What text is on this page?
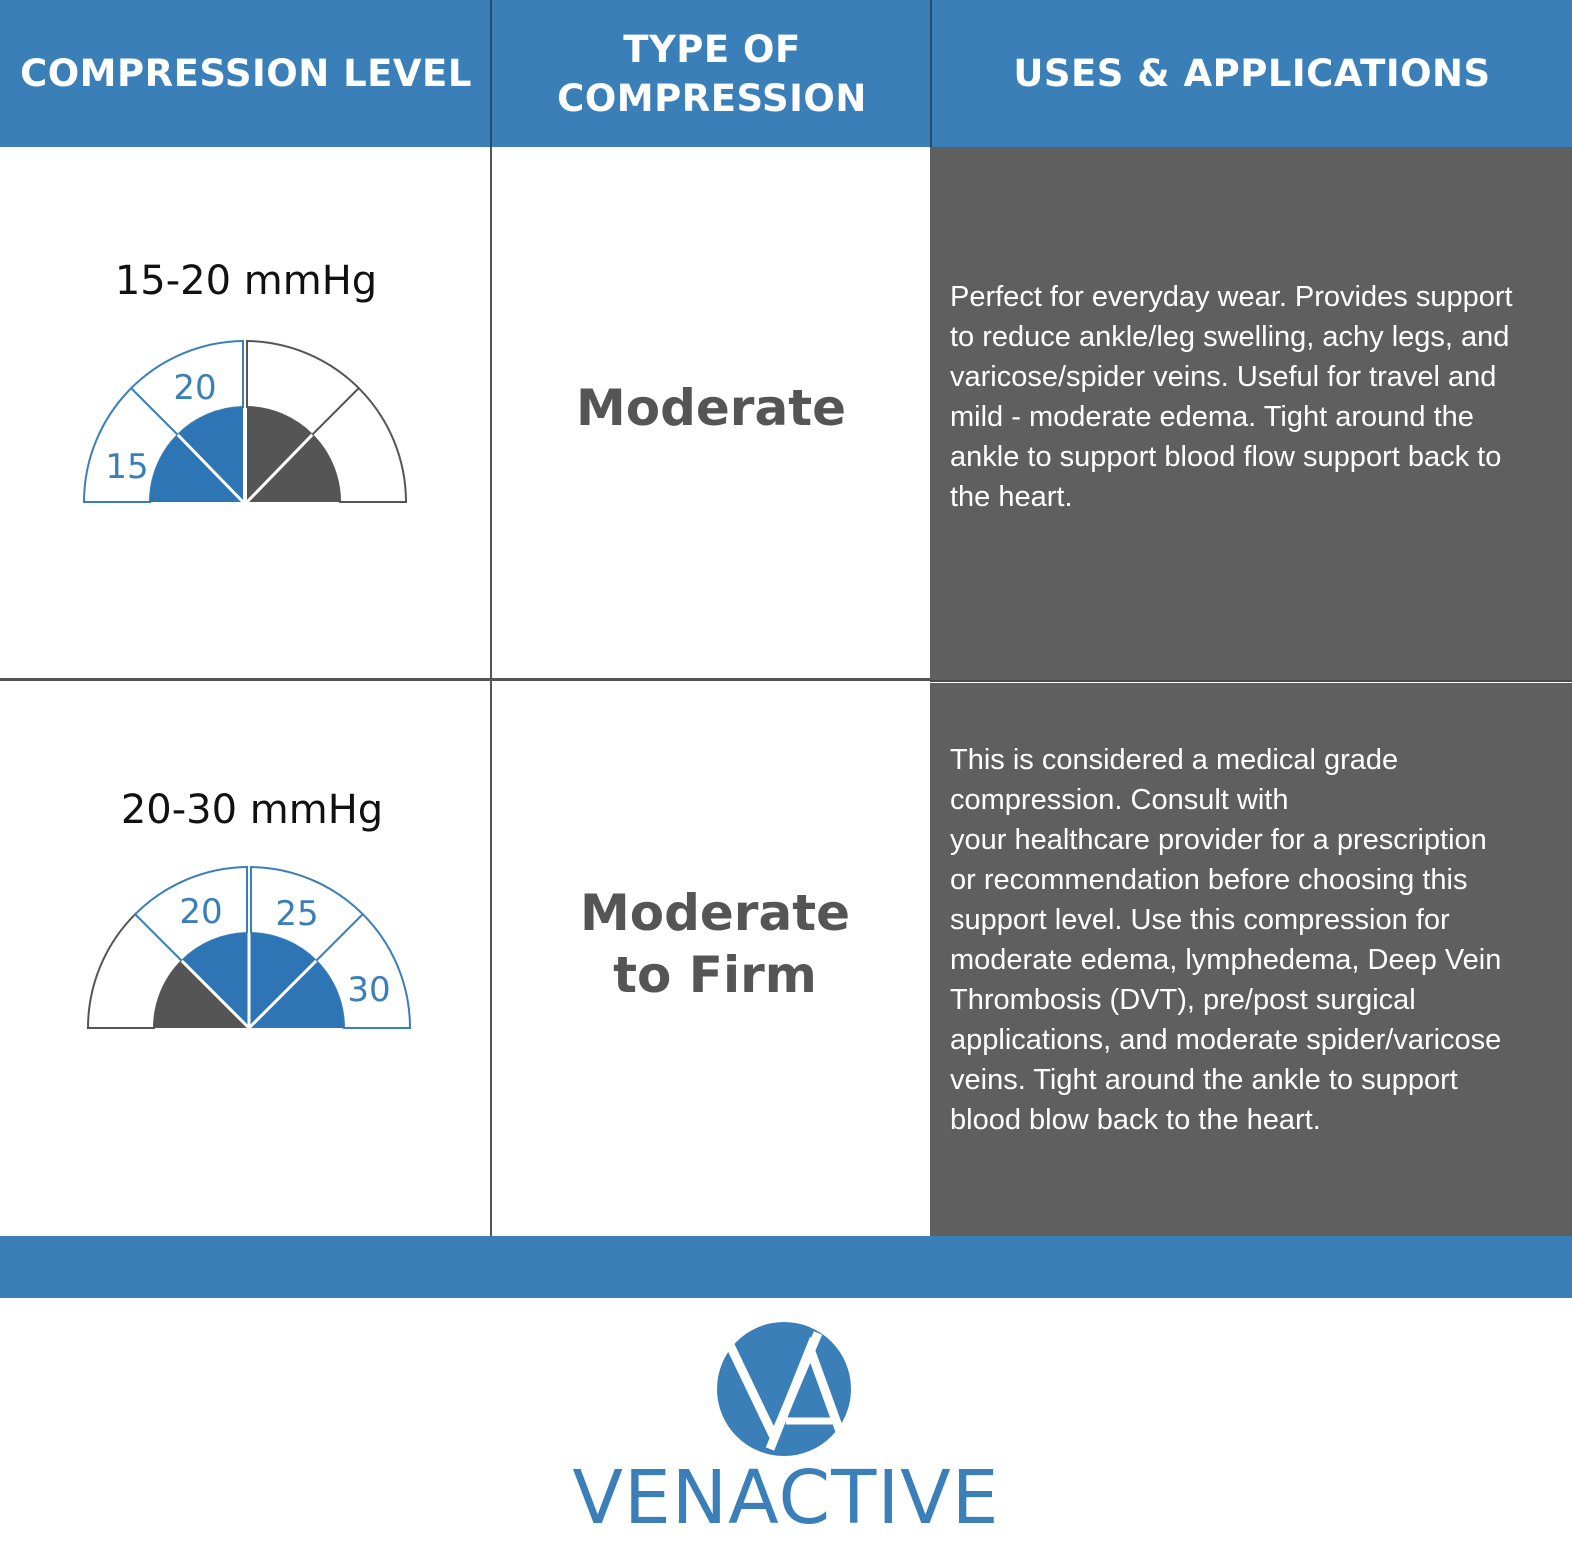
COMPRESSION LEVEL
TYPE OF
COMPRESSION
USES & APPLICATIONS
15-20 mmHg
15
20	Moderate
Perfect for everyday wear. Provides support
to reduce ankle/leg swelling, achy legs, and
varicose/spider veins. Useful for travel and
mild - moderate edema. Tight around the
ankle to support blood flow support back to
the heart.
20-30 mmHg
20 25
30
Moderate
to Firm
This is considered a medical grade
compression. Consult with
your healthcare provider for a prescription
or recommendation before choosing this
support level. Use this compression for
moderate edema, lymphedema, Deep Vein
Thrombosis (DVT), pre/post surgical
applications, and moderate spider/varicose
veins. Tight around the ankle to support
blood blow back to the heart.
VENACTIVE
